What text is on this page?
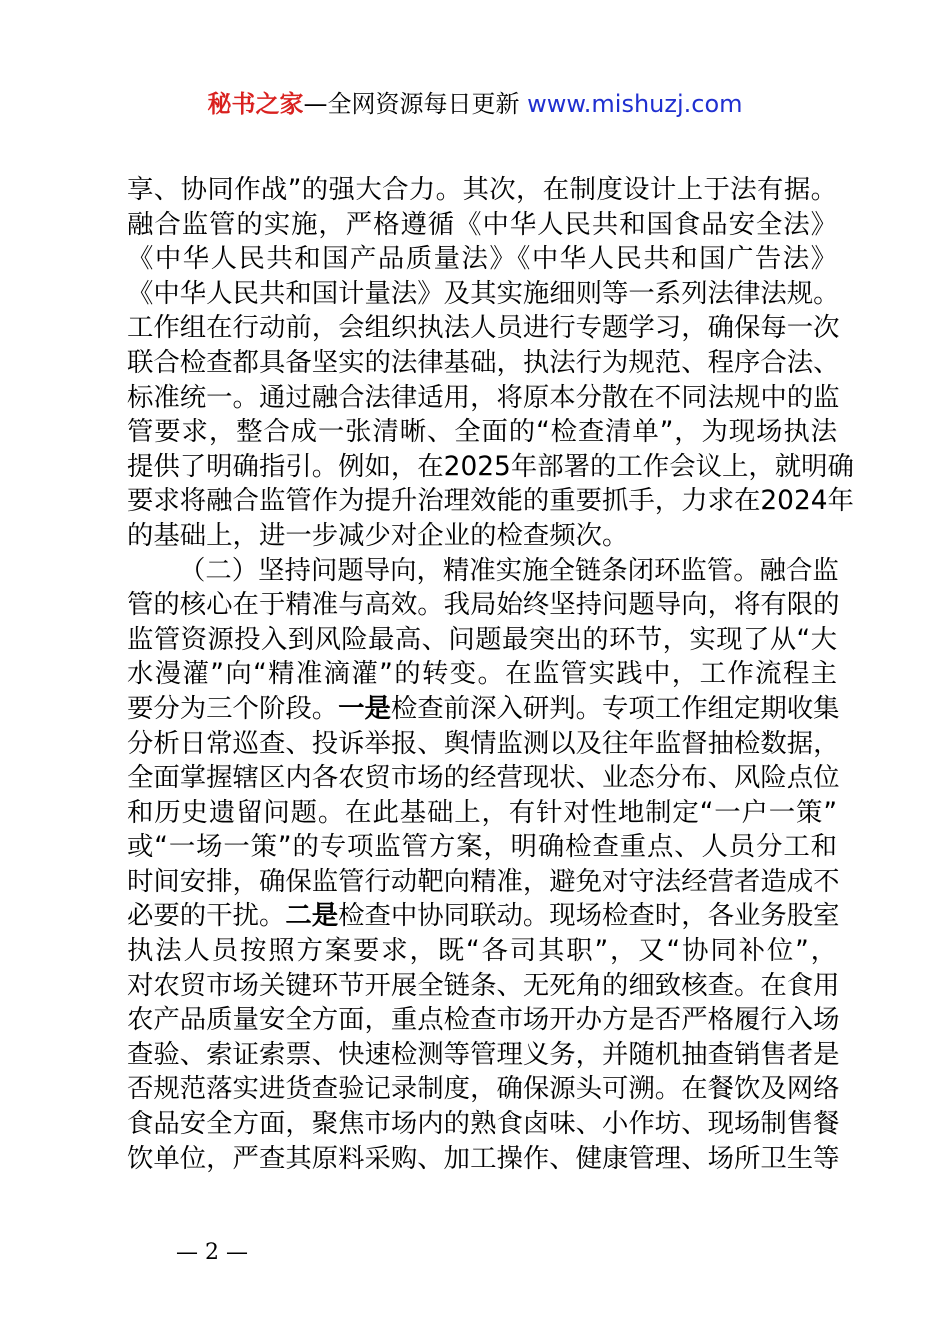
秘书之家—全网资源每日更新 www.mishuzj.com
享、协同作战”的强大合力。其次，在制度设计上于法有据。
融合监管的实施，严格遵循《中华人民共和国食品安全法》
《中华人民共和国产品质量法》《中华人民共和国广告法》
《中华人民共和国计量法》及其实施细则等一系列法律法规。
工作组在行动前，会组织执法人员进行专题学习，确保每一次
联合检查都具备坚实的法律基础，执法行为规范、程序合法、
标准统一。通过融合法律适用，将原本分散在不同法规中的监
管要求，整合成一张清晰、全面的“检查清单”，为现场执法
提供了明确指引。例如，在2025年部署的工作会议上，就明确
要求将融合监管作为提升治理效能的重要抓手，力求在2024年
的基础上，进一步减少对企业的检查频次。
（二）坚持问题导向，精准实施全链条闭环监管。融合监
管的核心在于精准与高效。我局始终坚持问题导向，将有限的
监管资源投入到风险最高、问题最突出的环节，实现了从“大
水漫灌”向“精准滴灌”的转变。在监管实践中，工作流程主
要分为三个阶段。一是检查前深入研判。专项工作组定期收集
分析日常巡查、投诉举报、舆情监测以及往年监督抽检数据，
全面掌握辖区内各农贸市场的经营现状、业态分布、风险点位
和历史遗留问题。在此基础上，有针对性地制定“一户一策”
或“一场一策”的专项监管方案，明确检查重点、人员分工和
时间安排，确保监管行动靶向精准，避免对守法经营者造成不
必要的干扰。二是检查中协同联动。现场检查时，各业务股室
执法人员按照方案要求，既“各司其职”，又“协同补位”，
对农贸市场关键环节开展全链条、无死角的细致核查。在食用
农产品质量安全方面，重点检查市场开办方是否严格履行入场
查验、索证索票、快速检测等管理义务，并随机抽查销售者是
否规范落实进货查验记录制度，确保源头可溯。在餐饮及网络
食品安全方面，聚焦市场内的熟食卤味、小作坊、现场制售餐
饮单位，严查其原料采购、加工操作、健康管理、场所卫生等
— 2 —
